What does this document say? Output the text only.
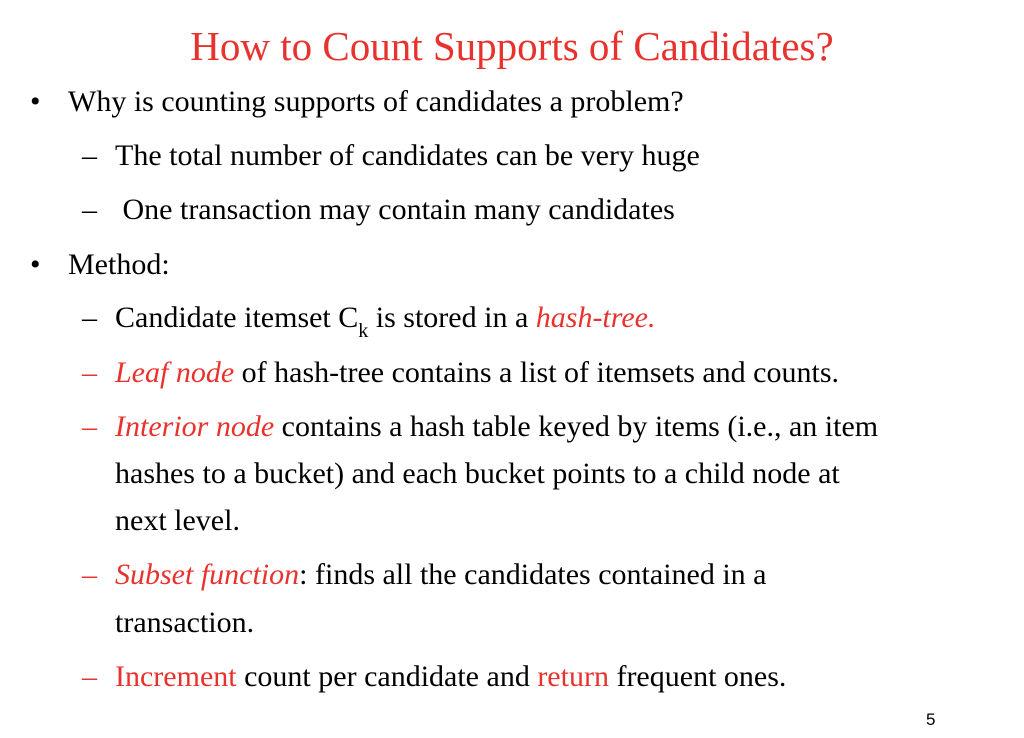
How to Count Supports of Candidates?
• Why is counting supports of candidates a problem?
– The total number of candidates can be very huge
– One transaction may contain many candidates
• Method:
– Candidate itemset $C_k$ is stored in a hash-tree.
– Leaf node of hash-tree contains a list of itemsets and counts.
– Interior node contains a hash table keyed by items (i.e., an item
hashes to a bucket) and each bucket points to a child node at
next level.
– Subset function: finds all the candidates contained in a
transaction.
– Increment count per candidate and return frequent ones.
5
